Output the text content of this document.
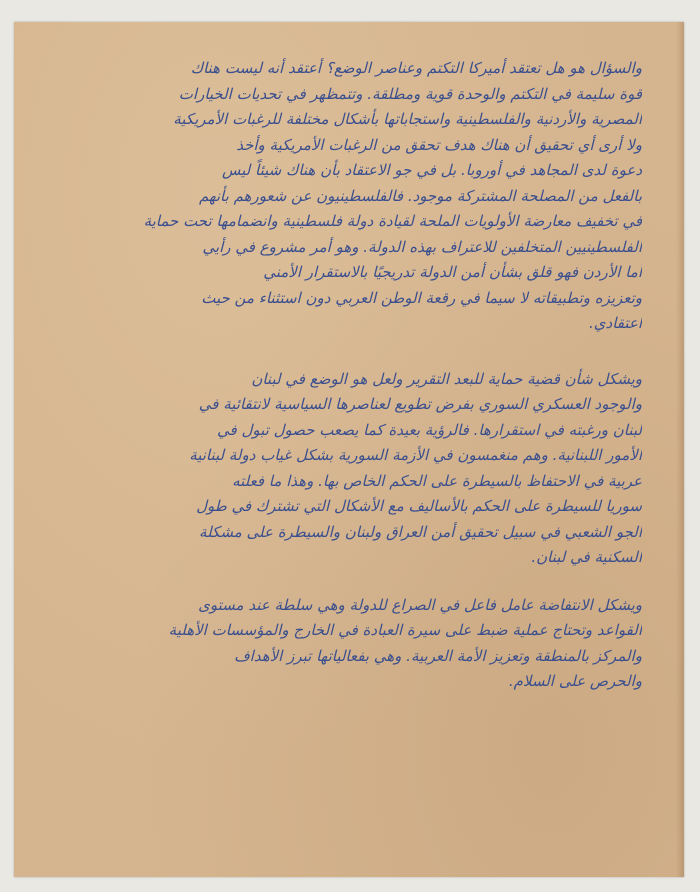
والسؤال هو هل تعتقد أميركا التكتم وعناصر الوضع؟ أعتقد أنه ليست هناك
قوة سليمة في التكتم والوحدة قوية ومطلقة. وتتمظهر في تحديات الخيارات
المصرية والأردنية والفلسطينية واستجاباتها بأشكال مختلفة للرغبات الأمريكية
ولا أرى أي تحقيق أن هناك هدف تحقق من الرغبات الأمريكية وأخذ
دعوة لدى المجاهد في أوروبا. بل في جو الاعتقاد بأن هناك شيئاً ليس
بالفعل من المصلحة المشتركة موجود. فالفلسطينيون عن شعورهم بأنهم
في تخفيف معارضة الأولويات الملحة لقيادة دولة فلسطينية وانضمامها تحت حماية
الفلسطينيين المتخلفين للاعتراف بهذه الدولة. وهو أمر مشروع في رأيي
أما الأردن فهو قلق بشأن أمن الدولة تدريجيًا بالاستقرار الأمني
وتعزيزه وتطبيقاته لا سيما في رقعة الوطن العربي دون استثناء من حيث
اعتقادي.
ويشكل شأن قضية حماية للبعد التقرير ولعل هو الوضع في لبنان
والوجود العسكري السوري بفرض تطويع لعناصرها السياسية لانتقائية في
لبنان ورغبته في استقرارها. فالرؤية بعيدة كما يصعب حصول تبول في
الأمور اللبنانية. وهم منغمسون في الأزمة السورية بشكل غياب دولة لبنانية
عربية في الاحتفاظ بالسيطرة على الحكم الخاص بها. وهذا ما فعلته
سوريا للسيطرة على الحكم بالأساليف مع الأشكال التي تشترك في طول
الجو الشعبي في سبيل تحقيق أمن العراق ولبنان والسيطرة على مشكلة
السكنية في لبنان.
ويشكل الانتفاضة عامل فاعل في الصراع للدولة وهي سلطة عند مستوى
القواعد وتحتاج عملية ضبط على سيرة العبادة في الخارج والمؤسسات الأهلية
والمركز بالمنطقة وتعزيز الأمة العربية. وهي بفعالياتها تبرز الأهداف
والحرص على السلام.
